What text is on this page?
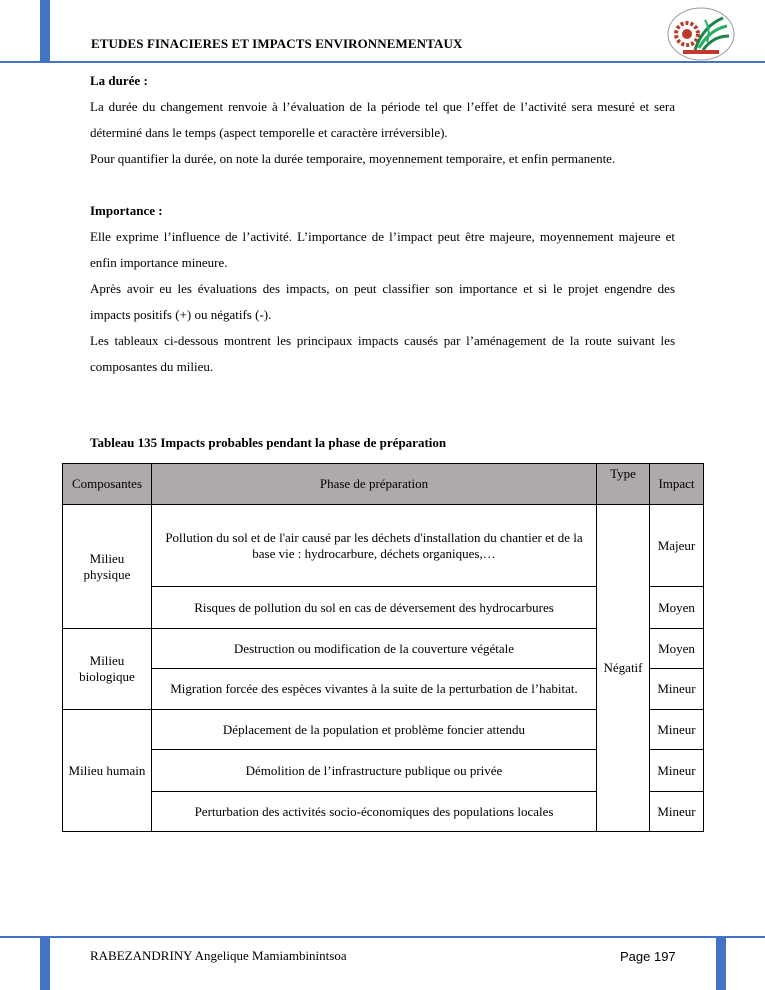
ETUDES FINACIERES ET IMPACTS ENVIRONNEMENTAUX

La durée :

La durée du changement renvoie à l’évaluation de la période tel que l’effet de l’activité sera mesuré et sera déterminé dans le temps (aspect temporelle et caractère irréversible).

Pour quantifier la durée, on note la durée temporaire, moyennement temporaire, et enfin permanente.

Importance :

Elle exprime l’influence de l’activité. L’importance de l’impact peut être majeure, moyennement majeure et enfin importance mineure.

Après avoir eu les évaluations des impacts, on peut classifier son importance et si le projet engendre des impacts positifs (+) ou négatifs (-).

Les tableaux ci-dessous montrent les principaux impacts causés par l’aménagement de la route suivant les composantes du milieu.

Tableau 135 Impacts probables pendant la phase de préparation
Composantes	Phase de préparation	Type	Impact
Milieu physique	Pollution du sol et de l'air causé par les déchets d'installation du chantier et de la base vie : hydrocarbure, déchets organiques,…	Négatif	Majeur
	Risques de pollution du sol en cas de déversement des hydrocarbures		Moyen
Milieu biologique	Destruction ou modification de la couverture végétale		Moyen
	Migration forcée des espèces vivantes à la suite de la perturbation de l’habitat.		Mineur
Milieu humain	Déplacement de la population et problème foncier attendu		Mineur
	Démolition de l’infrastructure publique ou privée		Mineur
	Perturbation des activités socio-économiques des populations locales		Mineur
RABEZANDRINY Angelique Mamiambinintsoa	Page 197
